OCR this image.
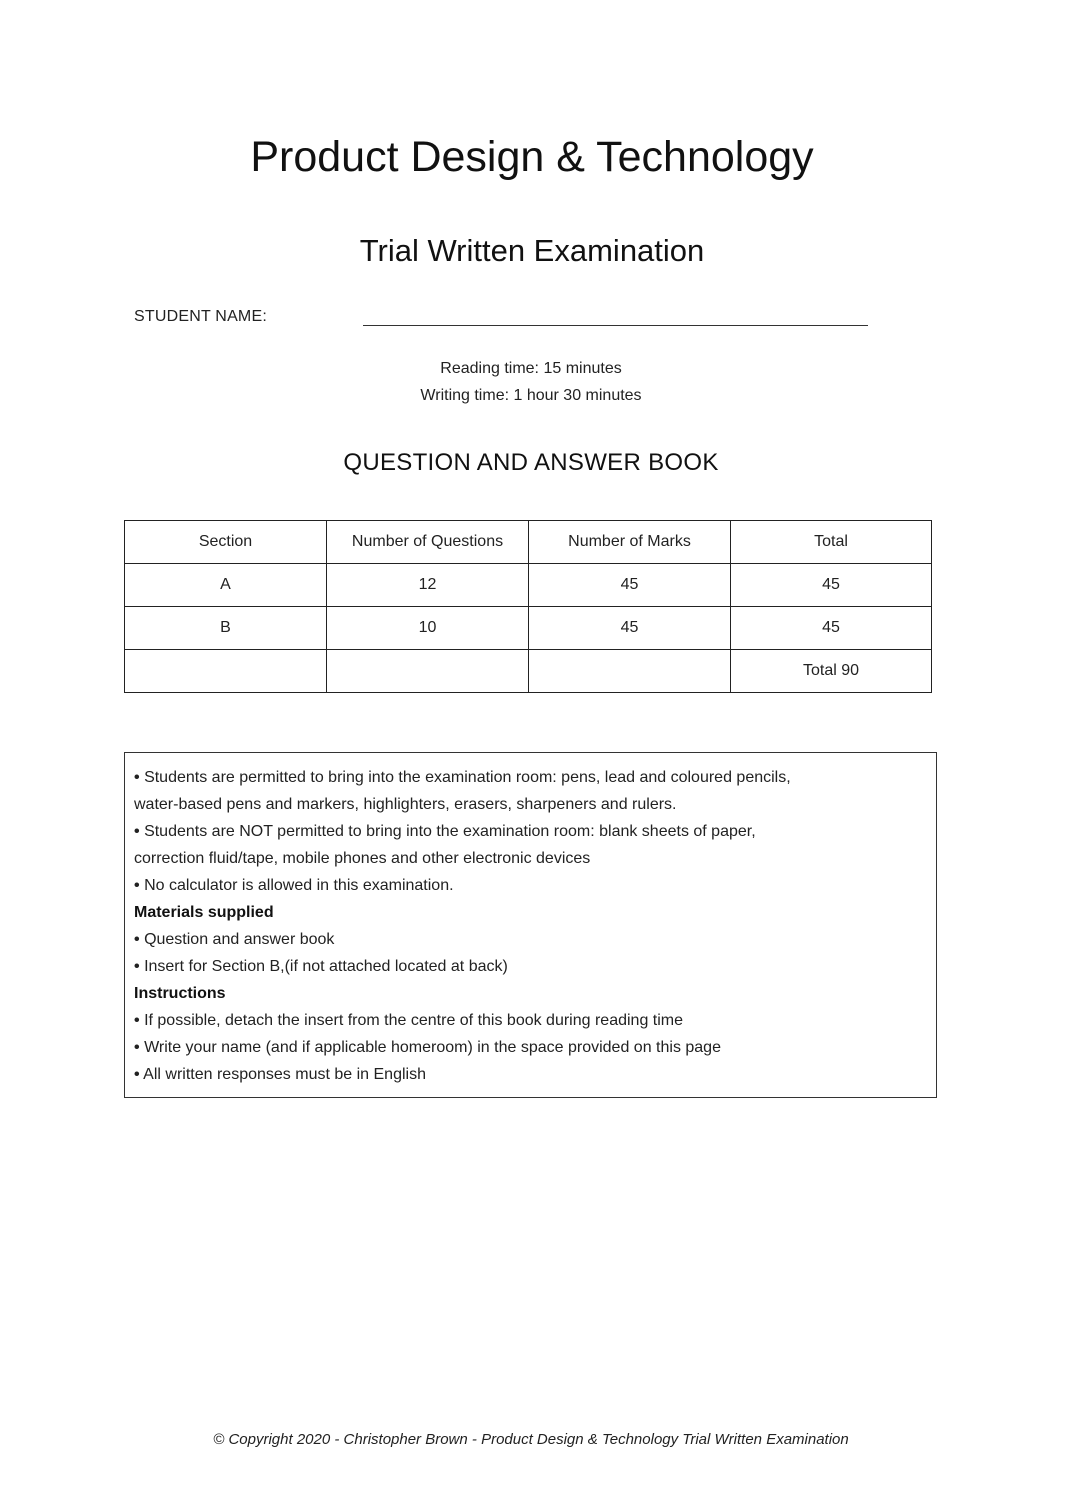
Product Design & Technology
Trial Written Examination
STUDENT NAME:
Reading time: 15 minutes
Writing time: 1 hour 30 minutes
QUESTION AND ANSWER BOOK
Section	Number of Questions	Number of Marks	Total
A	12	45	45
B	10	45	45
			Total 90
• Students are permitted to bring into the examination room: pens, lead and coloured pencils,
water-based pens and markers, highlighters, erasers, sharpeners and rulers.
• Students are NOT permitted to bring into the examination room: blank sheets of paper,
correction fluid/tape, mobile phones and other electronic devices
• No calculator is allowed in this examination.
Materials supplied
• Question and answer book
• Insert for Section B,(if not attached located at back)
Instructions
• If possible, detach the insert from the centre of this book during reading time
• Write your name (and if applicable homeroom) in the space provided on this page
• All written responses must be in English
© Copyright 2020 - Christopher Brown - Product Design & Technology Trial Written Examination
